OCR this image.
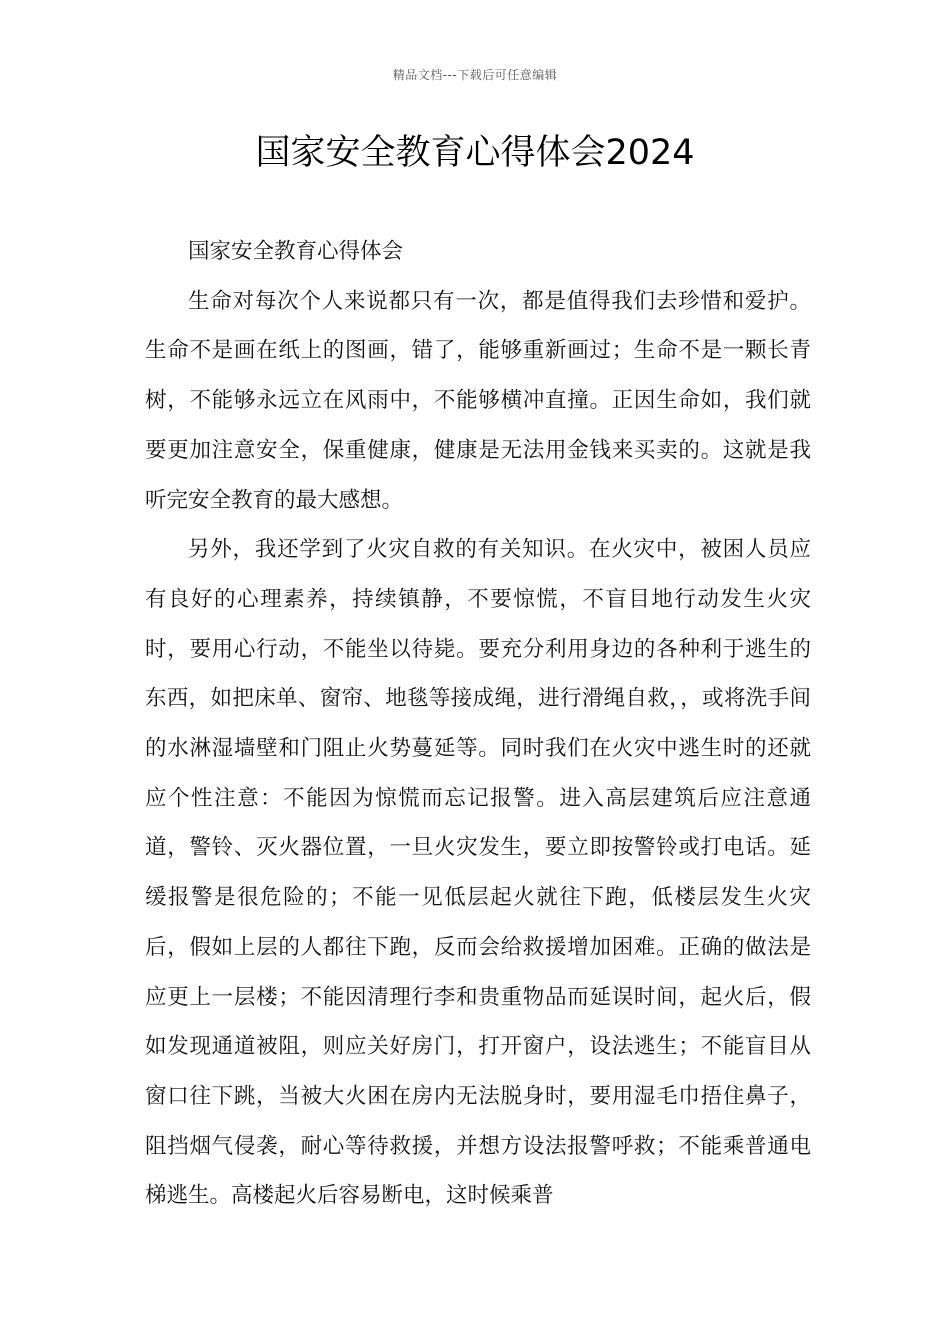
精品文档---下载后可任意编辑
国家安全教育心得体会2024

国家安全教育心得体会

生命对每次个人来说都只有一次，都是值得我们去珍惜和爱护。生命不是画在纸上的图画，错了，能够重新画过；生命不是一颗长青树，不能够永远立在风雨中，不能够横冲直撞。正因生命如，我们就要更加注意安全，保重健康，健康是无法用金钱来买卖的。这就是我听完安全教育的最大感想。

另外，我还学到了火灾自救的有关知识。在火灾中，被困人员应有良好的心理素养，持续镇静，不要惊慌，不盲目地行动发生火灾时，要用心行动，不能坐以待毙。要充分利用身边的各种利于逃生的东西，如把床单、窗帘、地毯等接成绳，进行滑绳自救，，或将洗手间的水淋湿墙壁和门阻止火势蔓延等。同时我们在火灾中逃生时的还就应个性注意：不能因为惊慌而忘记报警。进入高层建筑后应注意通道，警铃、灭火器位置，一旦火灾发生，要立即按警铃或打电话。延缓报警是很危险的；不能一见低层起火就往下跑，低楼层发生火灾后，假如上层的人都往下跑，反而会给救援增加困难。正确的做法是应更上一层楼；不能因清理行李和贵重物品而延误时间，起火后，假如发现通道被阻，则应关好房门，打开窗户，设法逃生；不能盲目从窗口往下跳，当被大火困在房内无法脱身时，要用湿毛巾捂住鼻子，阻挡烟气侵袭，耐心等待救援，并想方设法报警呼救；不能乘普通电梯逃生。高楼起火后容易断电，这时候乘普
